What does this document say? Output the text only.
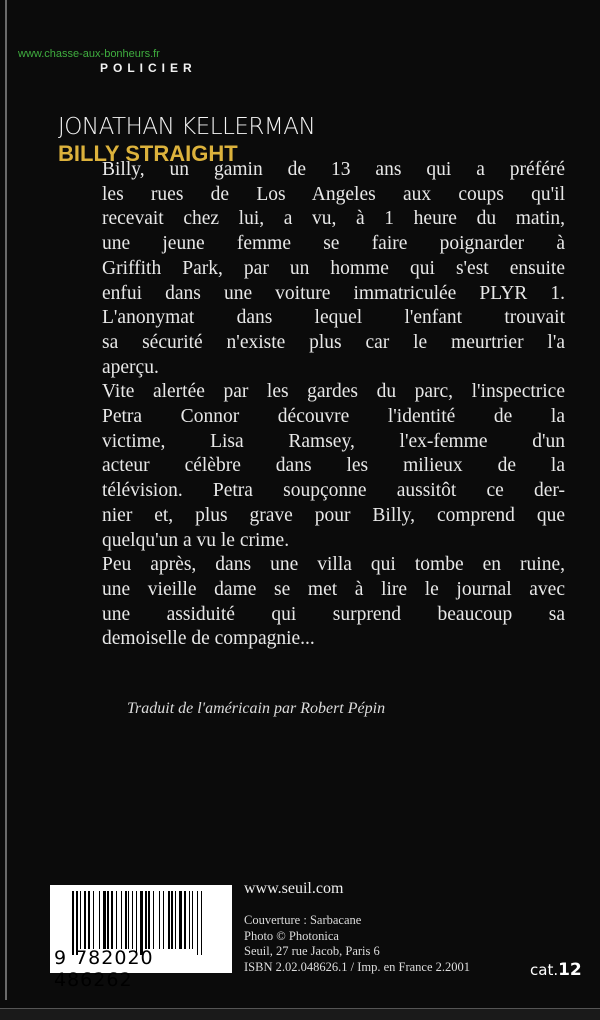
www.chasse-aux-bonheurs.fr
POLICIER
JONATHAN KELLERMAN
BILLY STRAIGHT
Billy, un gamin de 13 ans qui a préféré
les rues de Los Angeles aux coups qu'il
recevait chez lui, a vu, à 1 heure du matin,
une jeune femme se faire poignarder à
Griffith Park, par un homme qui s'est ensuite
enfui dans une voiture immatriculée PLYR 1.
L'anonymat dans lequel l'enfant trouvait
sa sécurité n'existe plus car le meurtrier l'a
aperçu.
Vite alertée par les gardes du parc, l'inspectrice
Petra Connor découvre l'identité de la
victime, Lisa Ramsey, l'ex-femme d'un
acteur célèbre dans les milieux de la
télévision. Petra soupçonne aussitôt ce der-
nier et, plus grave pour Billy, comprend que
quelqu'un a vu le crime.
Peu après, dans une villa qui tombe en ruine,
une vieille dame se met à lire le journal avec
une assiduité qui surprend beaucoup sa
demoiselle de compagnie...
Traduit de l'américain par Robert Pépin
9 782020 486262
www.seuil.com
Couverture : Sarbacane
Photo © Photonica
Seuil, 27 rue Jacob, Paris 6
ISBN 2.02.048626.1 / Imp. en France 2.2001	cat.12
